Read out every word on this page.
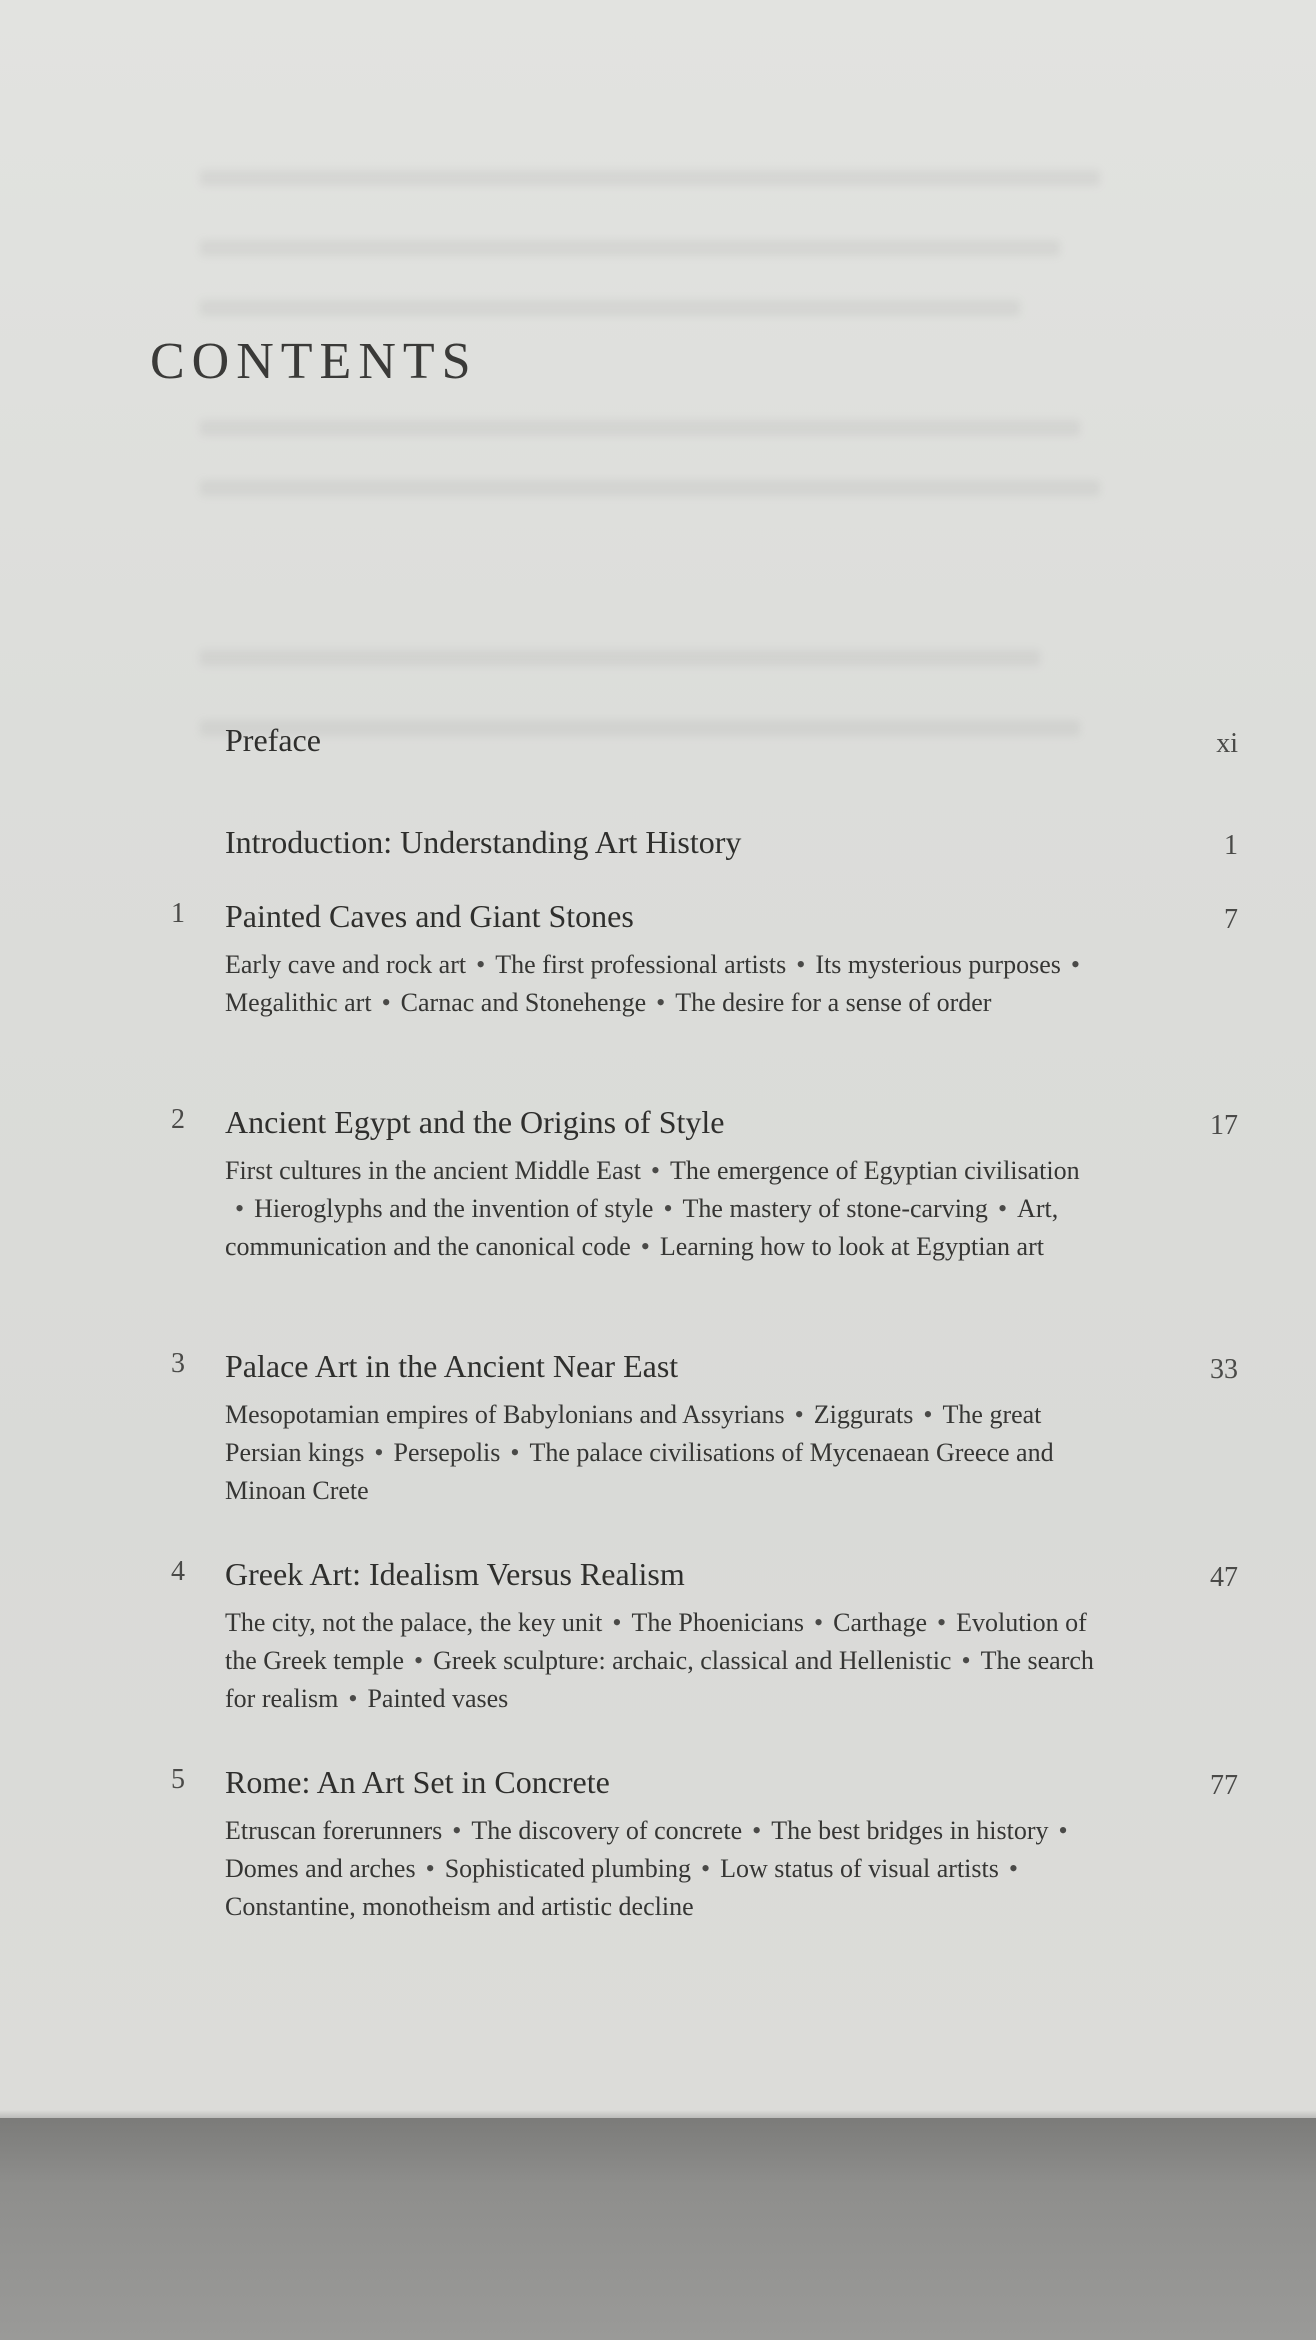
CONTENTS
Preface	xi
Introduction: Understanding Art History	1
1 Painted Caves and Giant Stones	7
Early cave and rock art • The first professional artists • Its mysterious purposes •Megalithic art • Carnac and Stonehenge • The desire for a sense of order
2 Ancient Egypt and the Origins of Style	17
First cultures in the ancient Middle East • The emergence of Egyptian civilisation• Hieroglyphs and the invention of style • The mastery of stone-carving • Art, communication and the canonical code • Learning how to look at Egyptian art
3 Palace Art in the Ancient Near East	33
Mesopotamian empires of Babylonians and Assyrians • Ziggurats • The great Persian kings • Persepolis • The palace civilisations of Mycenaean Greece and Minoan Crete
4 Greek Art: Idealism Versus Realism	47
The city, not the palace, the key unit • The Phoenicians • Carthage • Evolution of the Greek temple • Greek sculpture: archaic, classical and Hellenistic • The search for realism • Painted vases
5 Rome: An Art Set in Concrete	77
Etruscan forerunners • The discovery of concrete • The best bridges in history •Domes and arches • Sophisticated plumbing • Low status of visual artists •Constantine, monotheism and artistic decline
